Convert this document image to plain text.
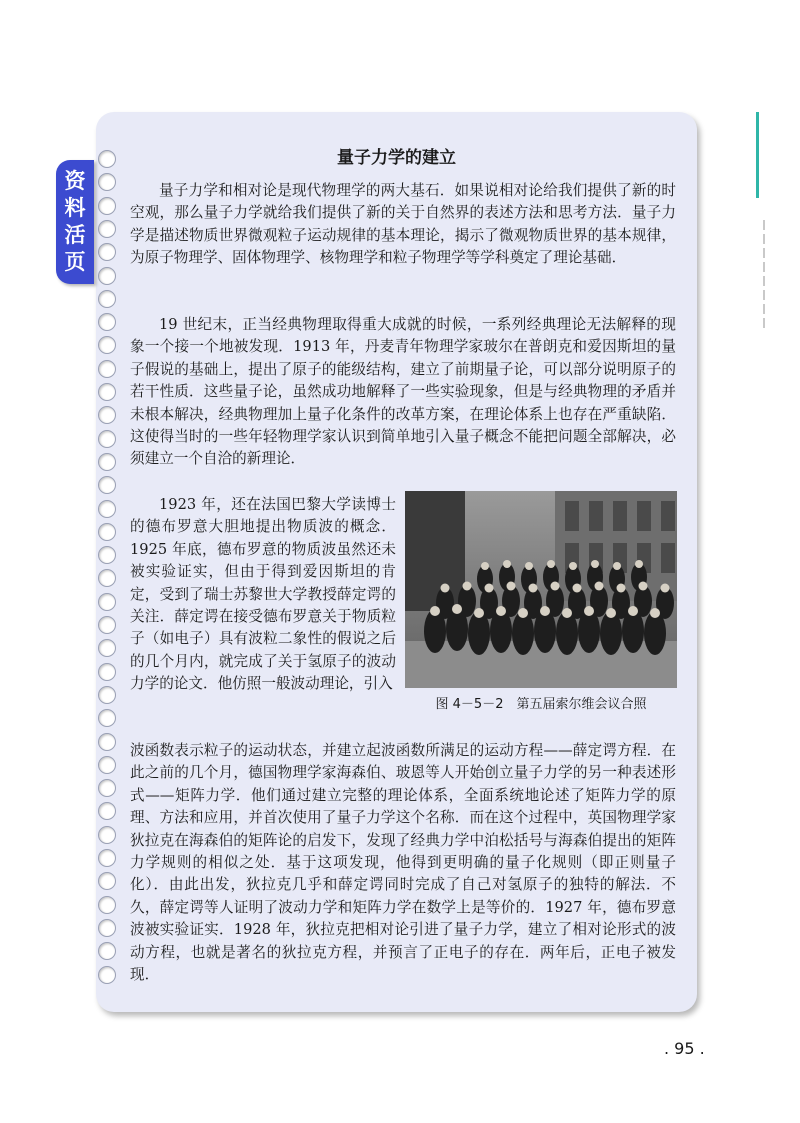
资
料
活
页
量子力学的建立

量子力学和相对论是现代物理学的两大基石．如果说相对论给我们提供了新的时空观，那么量子力学就给我们提供了新的关于自然界的表述方法和思考方法．量子力学是描述物质世界微观粒子运动规律的基本理论，揭示了微观物质世界的基本规律，为原子物理学、固体物理学、核物理学和粒子物理学等学科奠定了理论基础．

19 世纪末，正当经典物理取得重大成就的时候，一系列经典理论无法解释的现象一个接一个地被发现．1913 年，丹麦青年物理学家玻尔在普朗克和爱因斯坦的量子假说的基础上，提出了原子的能级结构，建立了前期量子论，可以部分说明原子的若干性质．这些量子论，虽然成功地解释了一些实验现象，但是与经典物理的矛盾并未根本解决，经典物理加上量子化条件的改革方案，在理论体系上也存在严重缺陷．这使得当时的一些年轻物理学家认识到简单地引入量子概念不能把问题全部解决，必须建立一个自洽的新理论．

1923 年，还在法国巴黎大学读博士的德布罗意大胆地提出物质波的概念．1925 年底，德布罗意的物质波虽然还未被实验证实，但由于得到爱因斯坦的肯定，受到了瑞士苏黎世大学教授薛定谔的关注．薛定谔在接受德布罗意关于物质粒子（如电子）具有波粒二象性的假说之后的几个月内，就完成了关于氢原子的波动力学的论文．他仿照一般波动理论，引入

波函数表示粒子的运动状态，并建立起波函数所满足的运动方程——薛定谔方程．在此之前的几个月，德国物理学家海森伯、玻恩等人开始创立量子力学的另一种表述形式——矩阵力学．他们通过建立完整的理论体系，全面系统地论述了矩阵力学的原理、方法和应用，并首次使用了量子力学这个名称．而在这个过程中，英国物理学家狄拉克在海森伯的矩阵论的启发下，发现了经典力学中泊松括号与海森伯提出的矩阵力学规则的相似之处．基于这项发现，他得到更明确的量子化规则（即正则量子化）．由此出发，狄拉克几乎和薛定谔同时完成了自己对氢原子的独特的解法．不久，薛定谔等人证明了波动力学和矩阵力学在数学上是等价的．1927 年，德布罗意波被实验证实．1928 年，狄拉克把相对论引进了量子力学，建立了相对论形式的波动方程，也就是著名的狄拉克方程，并预言了正电子的存在．两年后，正电子被发现．

图 4－5－2　第五届索尔维会议合照
. 95 .
